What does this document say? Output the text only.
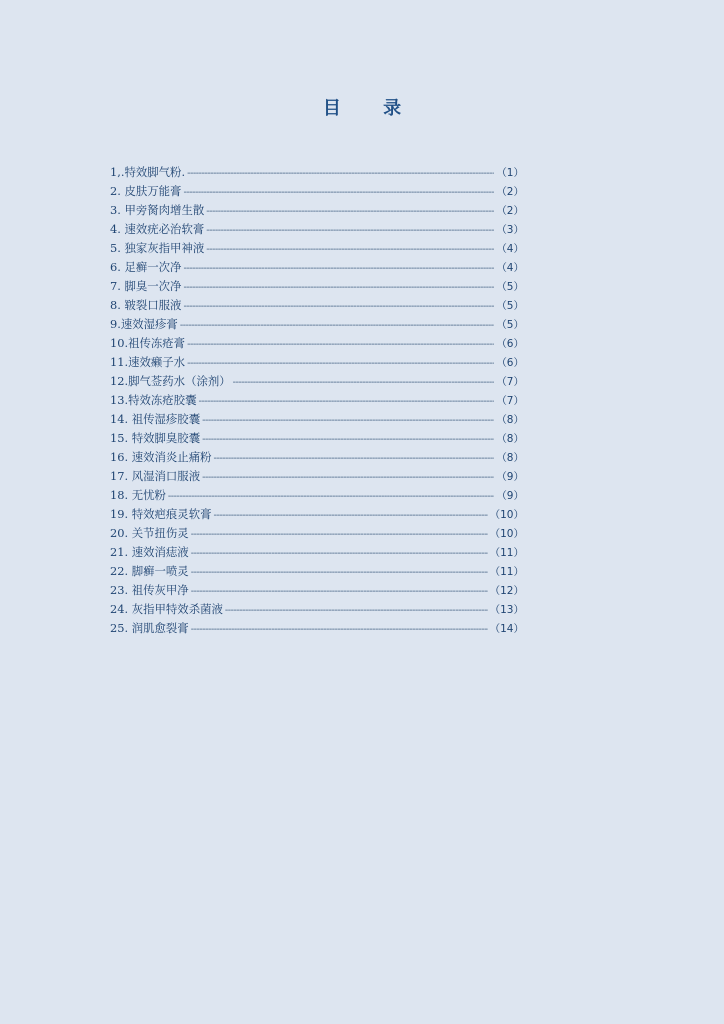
目 录
1,.特效脚气粉. -----	（1）
2. 皮肤万能膏 -----	（2）
3. 甲旁胬肉增生散 -----	（2）
4. 速效疣必治软膏 -----	（3）
5. 独家灰指甲神液 -----	（4）
6. 足癣一次净 -----	（4）
7. 脚臭一次净 -----	（5）
8. 皲裂口服液 -----	（5）
9.速效湿疹膏 -----	（5）
10.祖传冻疮膏 -----	（6）
11.速效癞子水 -----	（6）
12.脚气莶药水（涂剂） -----	（7）
13.特效冻疮胶囊 -----	（7）
14. 祖传湿疹胶囊 -----	（8）
15. 特效脚臭胶囊 -----	（8）
16. 速效消炎止痛粉 -----	（8）
17. 风湿消口服液 -----	（9）
18. 无忧粉 -----	（9）
19. 特效疤痕灵软膏 -----	（10）
20. 关节扭伤灵 -----	（10）
21. 速效消痣液 -----	（11）
22. 脚癣一喷灵 -----	（11）
23. 祖传灰甲净 -----	（12）
24. 灰指甲特效杀菌液 -----	（13）
25. 润肌愈裂膏 -----	（14）
